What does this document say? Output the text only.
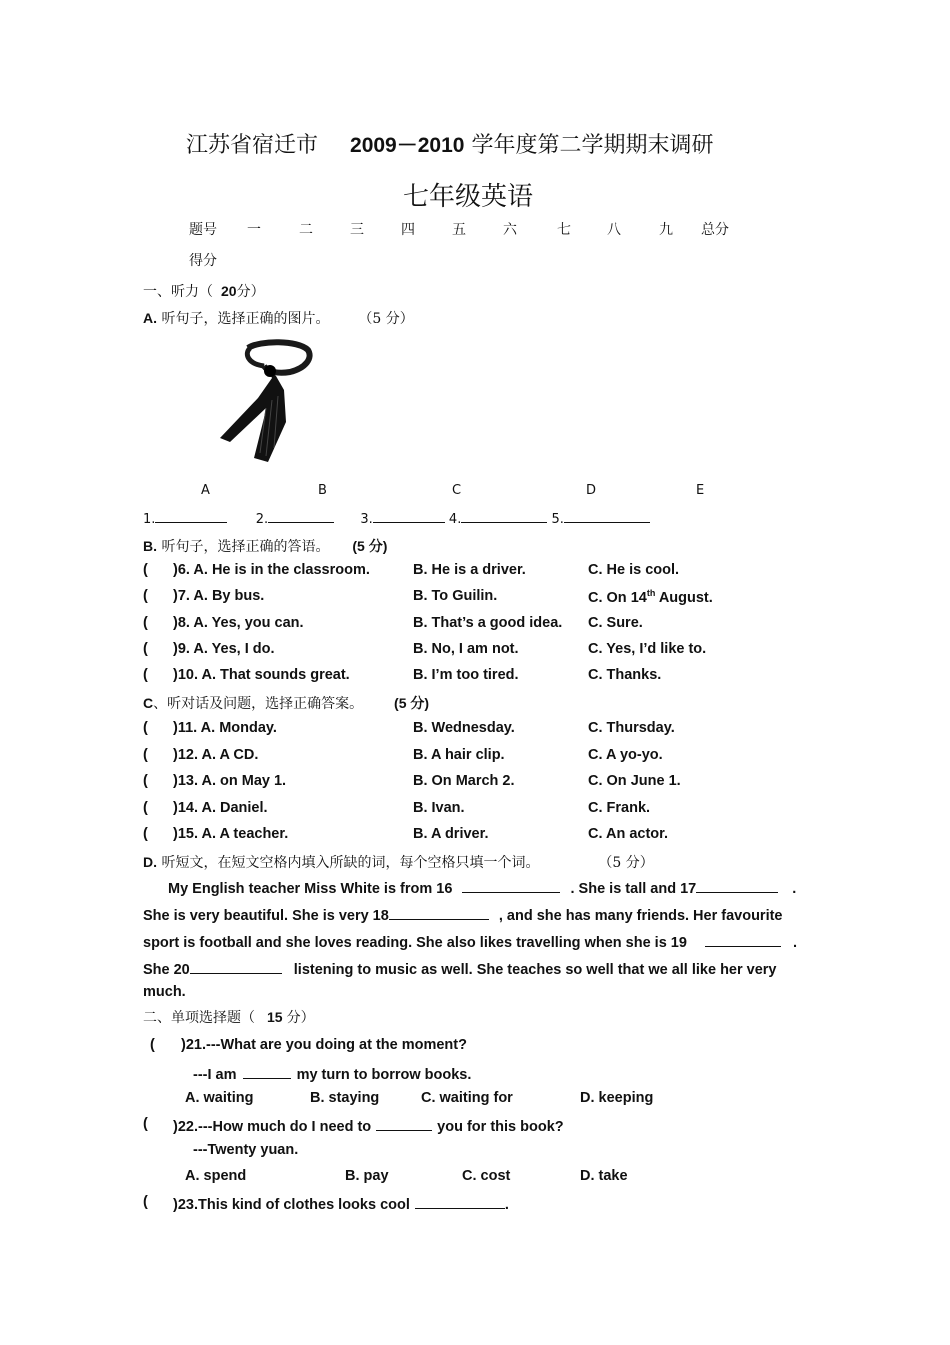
江苏省宿迁市 2009－2010 学年度第二学期期末调研
七年级英语
题号 一	二	三	四	五	六	七	八	九 总分
得分
一、听力（ 20分）
A. 听句子，选择正确的图片。 （5 分）
A	B	C	D	E
1.	2.	3.	4.	5.
B. 听句子，选择正确的答语。 (5 分)
( )6. A. He is in the classroom.	B. He is a driver.	C. He is cool.
( )7. A. By bus.	B. To Guilin.	C. On 14th August.
( )8. A. Yes, you can.	B. That’s a good idea. C. Sure.
( )9. A. Yes, I do.	B. No, I am not.	C. Yes, I’d like to.
( )10. A. That sounds great.	B. I’m too tired.	C. Thanks.
C、听对话及问题，选择正确答案。 (5 分)
( )11. A. Monday.	B. Wednesday.	C. Thursday.
( )12. A. A CD.	B. A hair clip.	C. A yo-yo.
( )13. A. on May 1.	B. On March 2.	C. On June 1.
( )14. A. Daniel.	B. Ivan.	C. Frank.
( )15. A. A teacher.	B. A driver.	C. An actor.
D. 听短文，在短文空格内填入所缺的词，每个空格只填一个词。	（5 分）
My English teacher Miss White is from 16	. She is tall and 17	.
She is very beautiful. She is very 18	, and she has many friends. Her favourite
sport is football and she loves reading. She also likes travelling when she is 19	.
She 20	listening to music as well. She teaches so well that we all like her very
much.
二、单项选择题（ 15 分）
( )21.---What are you doing at the moment?
---I am	my turn to borrow books.
A. waiting	B. staying	C. waiting for	D. keeping
( )22.---How much do I need to	you for this book?
---Twenty yuan.
A. spend	B. pay	C. cost	D. take
( )23.This kind of clothes looks cool	.
